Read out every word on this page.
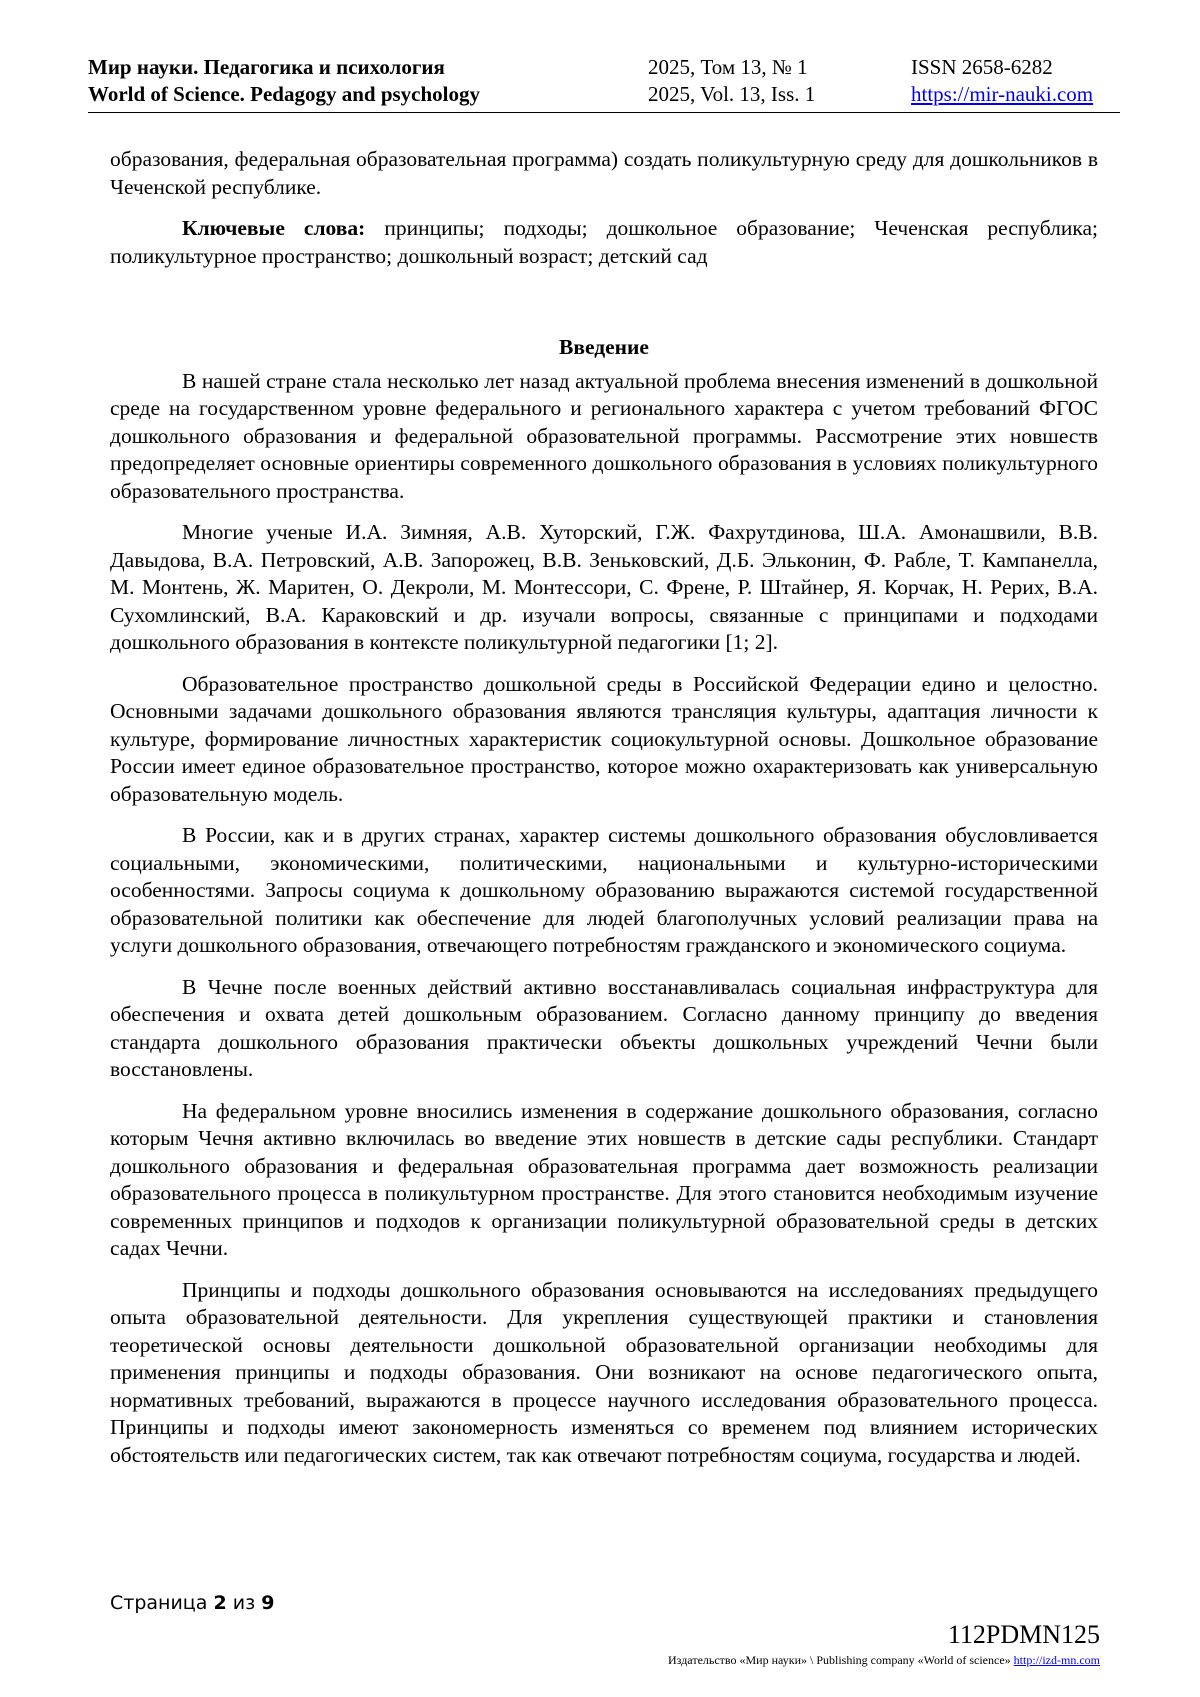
Мир науки. Педагогика и психология
World of Science. Pedagogy and psychology
2025, Том 13, № 1
2025, Vol. 13, Iss. 1
ISSN 2658-6282
https://mir-nauki.com

образования, федеральная образовательная программа) создать поликультурную среду для дошкольников в Чеченской республике.

Ключевые слова: принципы; подходы; дошкольное образование; Чеченская республика; поликультурное пространство; дошкольный возраст; детский сад

Введение

В нашей стране стала несколько лет назад актуальной проблема внесения изменений в дошкольной среде на государственном уровне федерального и регионального характера с учетом требований ФГОС дошкольного образования и федеральной образовательной программы. Рассмотрение этих новшеств предопределяет основные ориентиры современного дошкольного образования в условиях поликультурного образовательного пространства.

Многие ученые И.А. Зимняя, А.В. Хуторский, Г.Ж. Фахрутдинова, Ш.А. Амонашвили, В.В. Давыдова, В.А. Петровский, А.В. Запорожец, В.В. Зеньковский, Д.Б. Эльконин, Ф. Рабле, Т. Кампанелла, М. Монтень, Ж. Маритен, О. Декроли, М. Монтессори, С. Френе, Р. Штайнер, Я. Корчак, Н. Рерих, В.А. Сухомлинский, В.А. Караковский и др. изучали вопросы, связанные с принципами и подходами дошкольного образования в контексте поликультурной педагогики [1; 2].

Образовательное пространство дошкольной среды в Российской Федерации едино и целостно. Основными задачами дошкольного образования являются трансляция культуры, адаптация личности к культуре, формирование личностных характеристик социокультурной основы. Дошкольное образование России имеет единое образовательное пространство, которое можно охарактеризовать как универсальную образовательную модель.

В России, как и в других странах, характер системы дошкольного образования обусловливается социальными, экономическими, политическими, национальными и культурно-историческими особенностями. Запросы социума к дошкольному образованию выражаются системой государственной образовательной политики как обеспечение для людей благополучных условий реализации права на услуги дошкольного образования, отвечающего потребностям гражданского и экономического социума.

В Чечне после военных действий активно восстанавливалась социальная инфраструктура для обеспечения и охвата детей дошкольным образованием. Согласно данному принципу до введения стандарта дошкольного образования практически объекты дошкольных учреждений Чечни были восстановлены.

На федеральном уровне вносились изменения в содержание дошкольного образования, согласно которым Чечня активно включилась во введение этих новшеств в детские сады республики. Стандарт дошкольного образования и федеральная образовательная программа дает возможность реализации образовательного процесса в поликультурном пространстве. Для этого становится необходимым изучение современных принципов и подходов к организации поликультурной образовательной среды в детских садах Чечни.

Принципы и подходы дошкольного образования основываются на исследованиях предыдущего опыта образовательной деятельности. Для укрепления существующей практики и становления теоретической основы деятельности дошкольной образовательной организации необходимы для применения принципы и подходы образования. Они возникают на основе педагогического опыта, нормативных требований, выражаются в процессе научного исследования образовательного процесса. Принципы и подходы имеют закономерность изменяться со временем под влиянием исторических обстоятельств или педагогических систем, так как отвечают потребностям социума, государства и людей.

Страница 2 из 9
112PDMN125
Издательство «Мир науки» \ Publishing company «World of science» http://izd-mn.com
